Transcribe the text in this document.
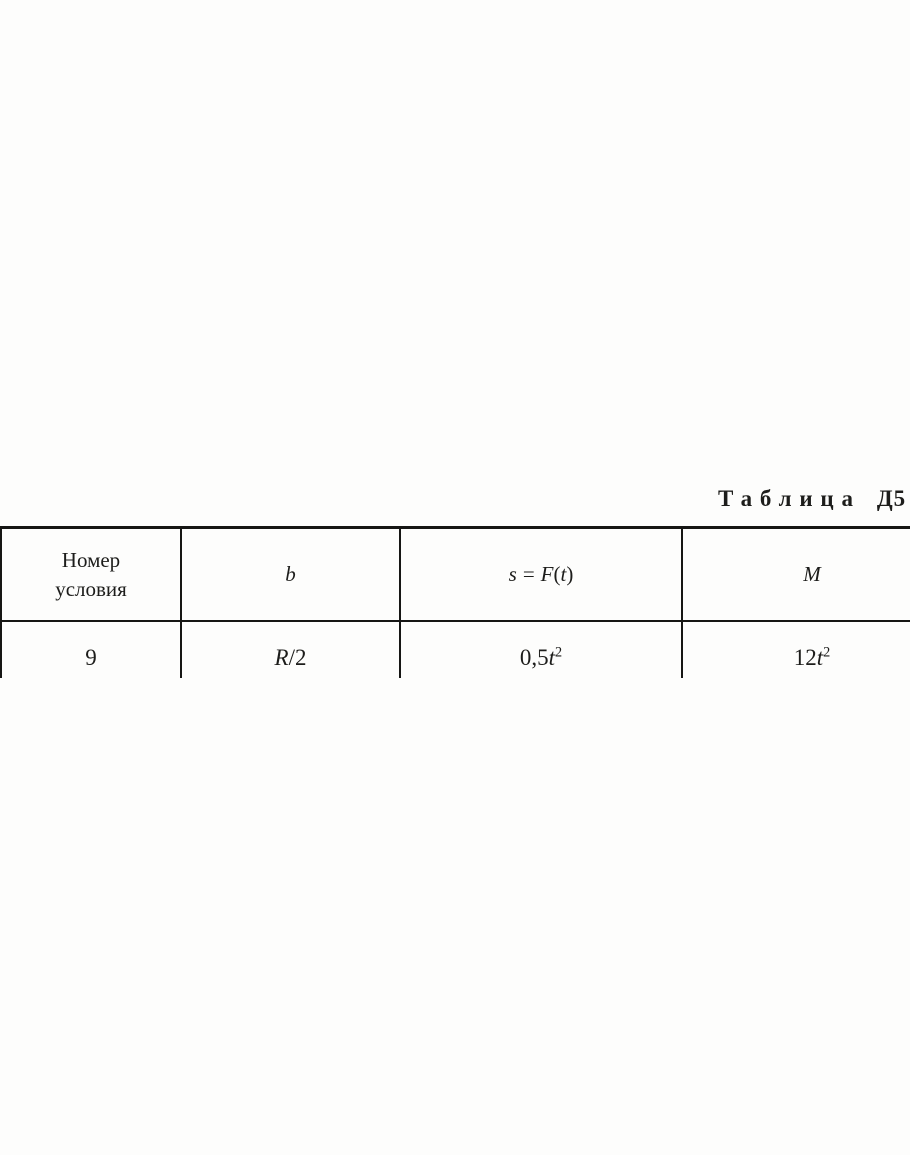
Таблица Д5
Номер
условия	b	s = F(t)	M
9	R/2	$0,5t^2$	$12t^2$
